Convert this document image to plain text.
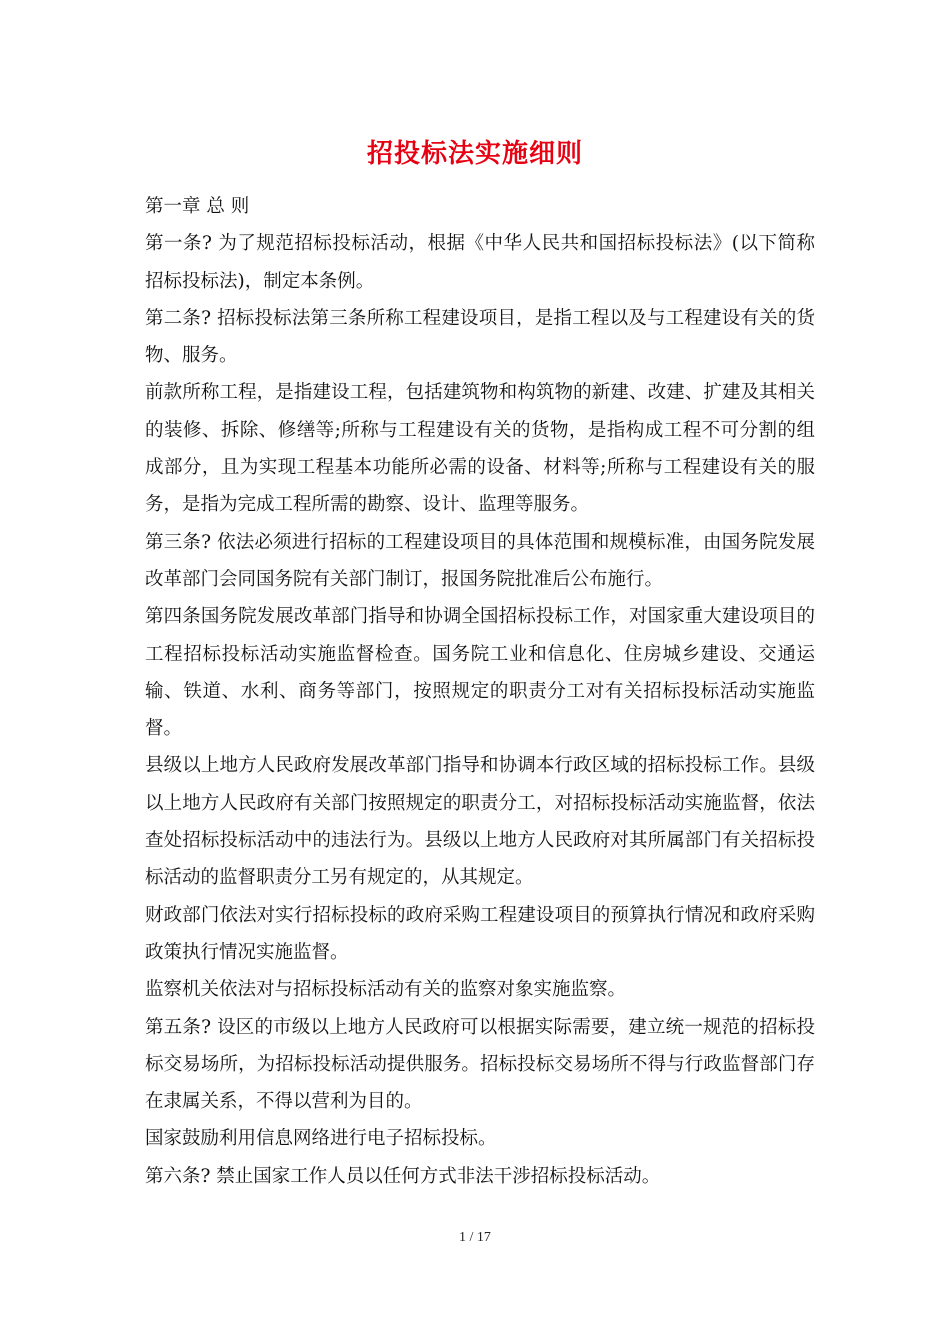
招投标法实施细则

第一章 总 则

第一条? 为了规范招标投标活动，根据《中华人民共和国招标投标法》(以下简称招标投标法)，制定本条例。

第二条? 招标投标法第三条所称工程建设项目，是指工程以及与工程建设有关的货物、服务。

前款所称工程，是指建设工程，包括建筑物和构筑物的新建、改建、扩建及其相关的装修、拆除、修缮等;所称与工程建设有关的货物，是指构成工程不可分割的组成部分，且为实现工程基本功能所必需的设备、材料等;所称与工程建设有关的服务，是指为完成工程所需的勘察、设计、监理等服务。

第三条? 依法必须进行招标的工程建设项目的具体范围和规模标准，由国务院发展改革部门会同国务院有关部门制订，报国务院批准后公布施行。

第四条国务院发展改革部门指导和协调全国招标投标工作，对国家重大建设项目的工程招标投标活动实施监督检查。国务院工业和信息化、住房城乡建设、交通运输、铁道、水利、商务等部门，按照规定的职责分工对有关招标投标活动实施监督。

县级以上地方人民政府发展改革部门指导和协调本行政区域的招标投标工作。县级以上地方人民政府有关部门按照规定的职责分工，对招标投标活动实施监督，依法查处招标投标活动中的违法行为。县级以上地方人民政府对其所属部门有关招标投标活动的监督职责分工另有规定的，从其规定。

财政部门依法对实行招标投标的政府采购工程建设项目的预算执行情况和政府采购政策执行情况实施监督。

监察机关依法对与招标投标活动有关的监察对象实施监察。

第五条? 设区的市级以上地方人民政府可以根据实际需要，建立统一规范的招标投标交易场所，为招标投标活动提供服务。招标投标交易场所不得与行政监督部门存在隶属关系，不得以营利为目的。

国家鼓励利用信息网络进行电子招标投标。

第六条? 禁止国家工作人员以任何方式非法干涉招标投标活动。

1 / 17
